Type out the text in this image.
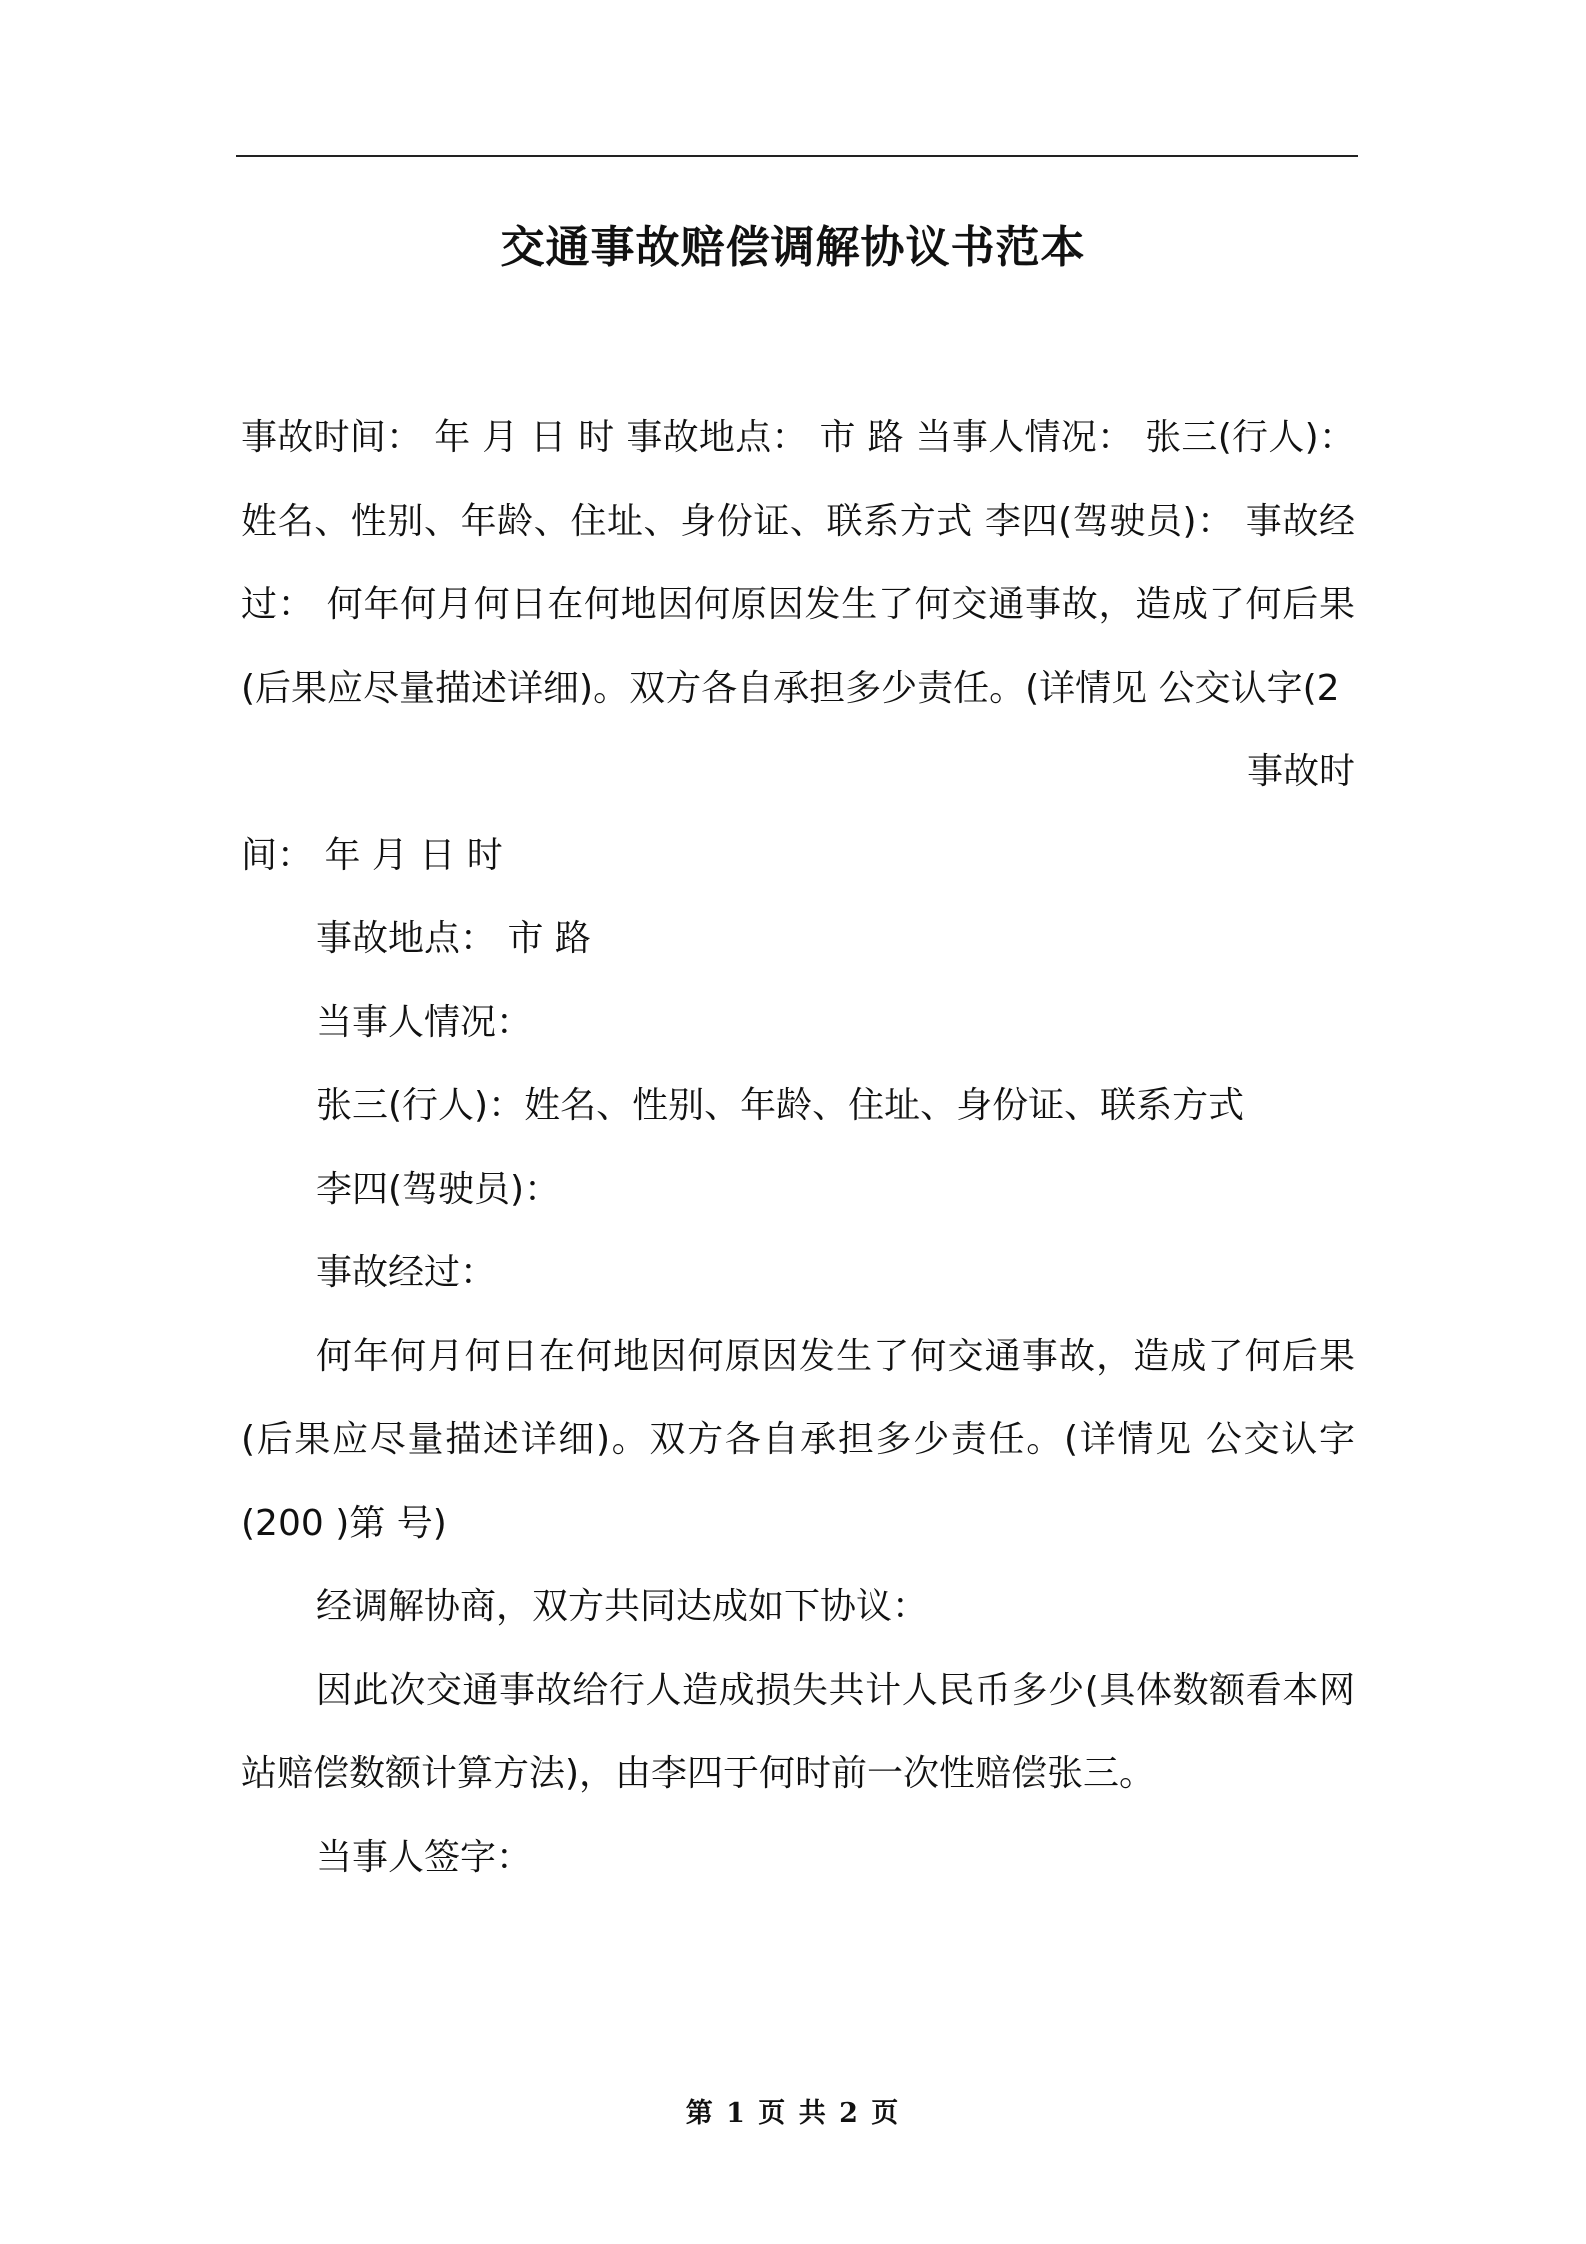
交通事故赔偿调解协议书范本

事故时间： 年 月 日 时 事故地点： 市 路 当事人情况： 张三(行人)：姓名、性别、年龄、住址、身份证、联系方式 李四(驾驶员)： 事故经过： 何年何月何日在何地因何原因发生了何交通事故，造成了何后果(后果应尽量描述详细)。双方各自承担多少责任。(详情见 公交认字(2

事故时

间： 年 月 日 时

事故地点： 市 路

当事人情况：

张三(行人)：姓名、性别、年龄、住址、身份证、联系方式

李四(驾驶员)：

事故经过：

何年何月何日在何地因何原因发生了何交通事故，造成了何后果(后果应尽量描述详细)。双方各自承担多少责任。(详情见 公交认字(200 )第 号)

经调解协商，双方共同达成如下协议：

因此次交通事故给行人造成损失共计人民币多少(具体数额看本网站赔偿数额计算方法)，由李四于何时前一次性赔偿张三。

当事人签字：

第 1 页 共 2 页
